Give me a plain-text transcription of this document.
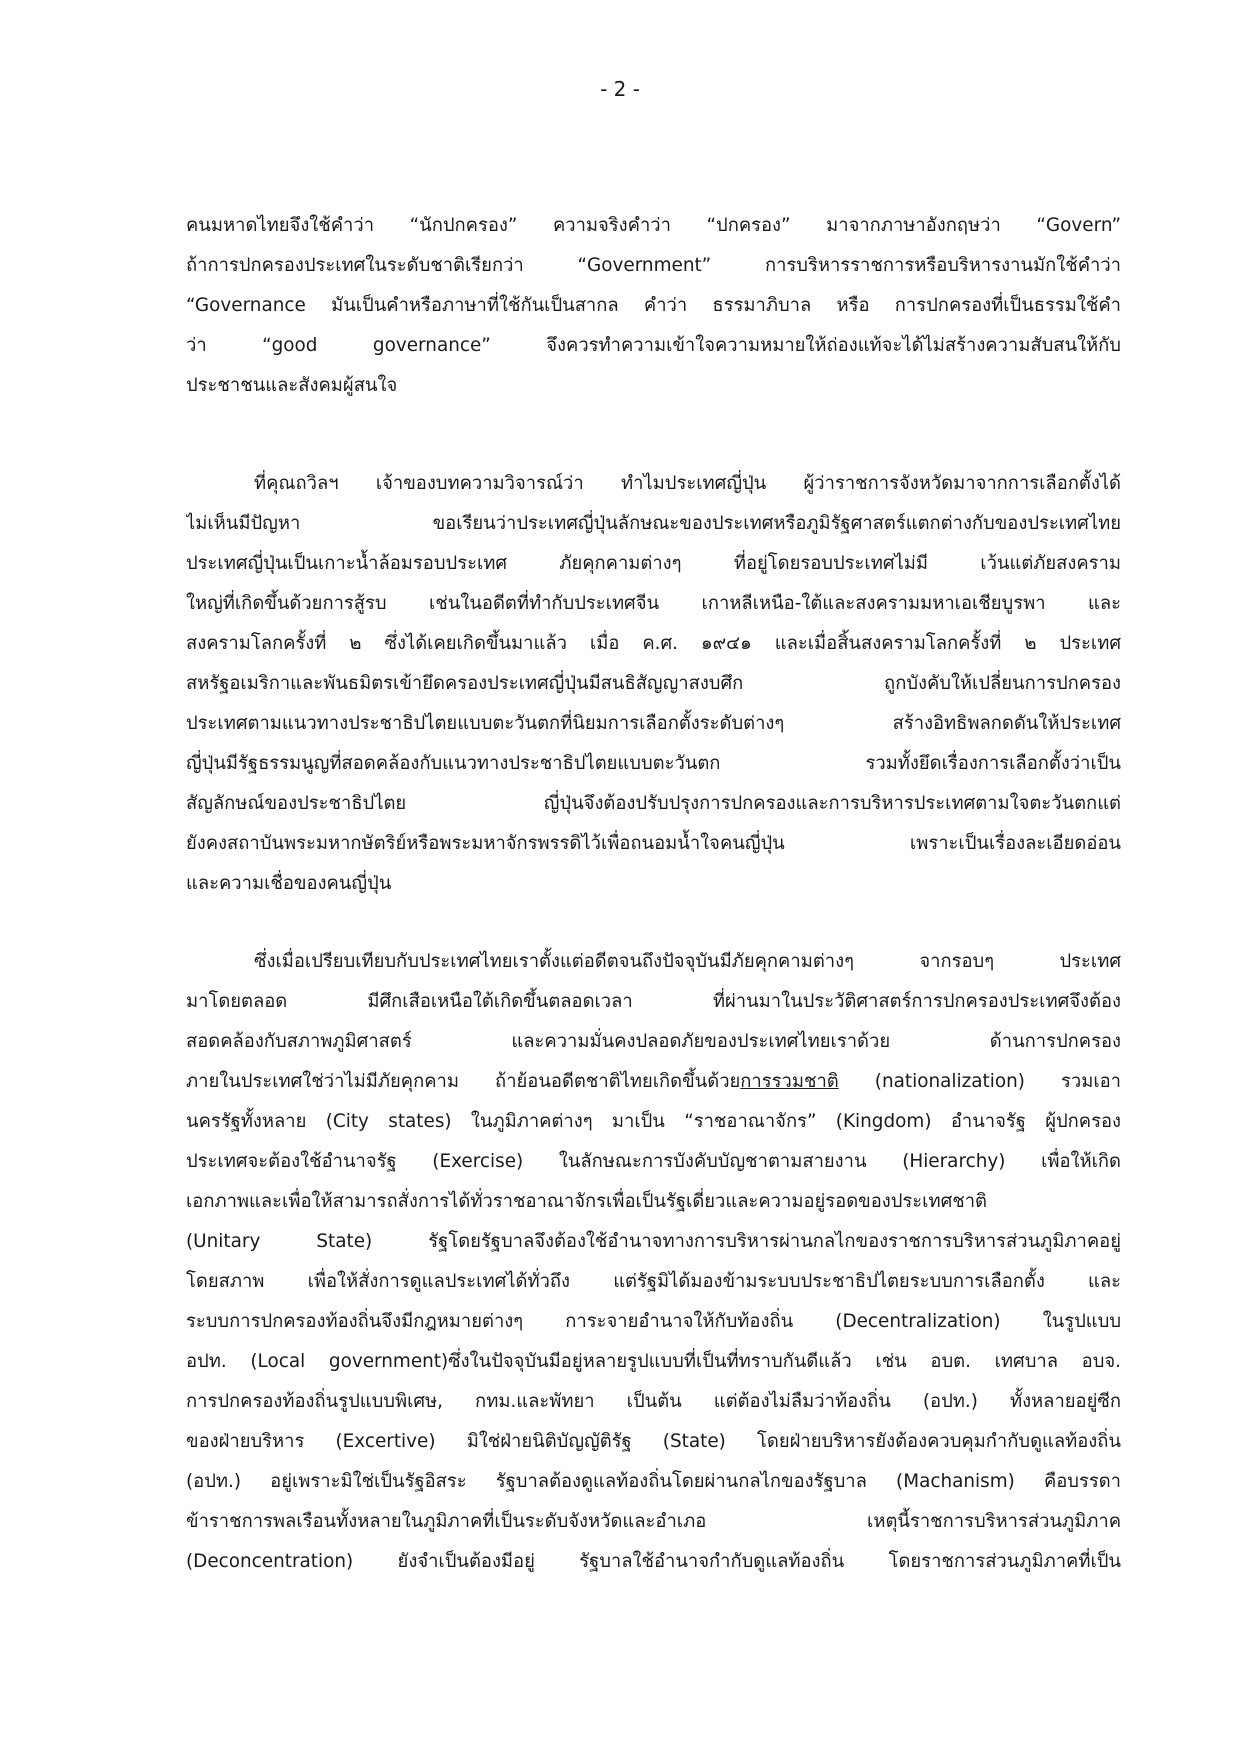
- 2 -
คนมหาดไทยจึงใช้คำว่า “นักปกครอง” ความจริงคำว่า “ปกครอง” มาจากภาษาอังกฤษว่า “Govern”
ถ้าการปกครองประเทศในระดับชาติเรียกว่า “Government” การบริหารราชการหรือบริหารงานมักใช้คำว่า
“Governance มันเป็นคำหรือภาษาที่ใช้กันเป็นสากล คำว่า ธรรมาภิบาล หรือ การปกครองที่เป็นธรรมใช้คำ
ว่า “good governance” จึงควรทำความเข้าใจความหมายให้ถ่องแท้จะได้ไม่สร้างความสับสนให้กับ
ประชาชนและสังคมผู้สนใจ
ที่คุณถวิลฯ เจ้าของบทความวิจารณ์ว่า ทำไมประเทศญี่ปุ่น ผู้ว่าราชการจังหวัดมาจากการเลือกตั้งได้
ไม่เห็นมีปัญหา ขอเรียนว่าประเทศญี่ปุ่นลักษณะของประเทศหรือภูมิรัฐศาสตร์แตกต่างกับของประเทศไทย
ประเทศญี่ปุ่นเป็นเกาะน้ำล้อมรอบประเทศ ภัยคุกคามต่างๆ ที่อยู่โดยรอบประเทศไม่มี เว้นแต่ภัยสงคราม
ใหญ่ที่เกิดขึ้นด้วยการสู้รบ เช่นในอดีตที่ทำกับประเทศจีน เกาหลีเหนือ-ใต้และสงครามมหาเอเชียบูรพา และ
สงครามโลกครั้งที่ ๒ ซึ่งได้เคยเกิดขึ้นมาแล้ว เมื่อ ค.ศ. ๑๙๔๑ และเมื่อสิ้นสงครามโลกครั้งที่ ๒ ประเทศ
สหรัฐอเมริกาและพันธมิตรเข้ายึดครองประเทศญี่ปุ่นมีสนธิสัญญาสงบศึก ถูกบังคับให้เปลี่ยนการปกครอง
ประเทศตามแนวทางประชาธิปไตยแบบตะวันตกที่นิยมการเลือกตั้งระดับต่างๆ สร้างอิทธิพลกดดันให้ประเทศ
ญี่ปุ่นมีรัฐธรรมนูญที่สอดคล้องกับแนวทางประชาธิปไตยแบบตะวันตก รวมทั้งยึดเรื่องการเลือกตั้งว่าเป็น
สัญลักษณ์ของประชาธิปไตย ญี่ปุ่นจึงต้องปรับปรุงการปกครองและการบริหารประเทศตามใจตะวันตกแต่
ยังคงสถาบันพระมหากษัตริย์หรือพระมหาจักรพรรดิไว้เพื่อถนอมน้ำใจคนญี่ปุ่น เพราะเป็นเรื่องละเอียดอ่อน
และความเชื่อของคนญี่ปุ่น
ซึ่งเมื่อเปรียบเทียบกับประเทศไทยเราตั้งแต่อดีตจนถึงปัจจุบันมีภัยคุกคามต่างๆ จากรอบๆ ประเทศ
มาโดยตลอด มีศึกเสือเหนือใต้เกิดขึ้นตลอดเวลา ที่ผ่านมาในประวัติศาสตร์การปกครองประเทศจึงต้อง
สอดคล้องกับสภาพภูมิศาสตร์ และความมั่นคงปลอดภัยของประเทศไทยเราด้วย ด้านการปกครอง
ภายในประเทศใช่ว่าไม่มีภัยคุกคาม ถ้าย้อนอดีตชาติไทยเกิดขึ้นด้วยการรวมชาติ (nationalization) รวมเอา
นครรัฐทั้งหลาย (City states) ในภูมิภาคต่างๆ มาเป็น “ราชอาณาจักร” (Kingdom) อำนาจรัฐ ผู้ปกครอง
ประเทศจะต้องใช้อำนาจรัฐ (Exercise) ในลักษณะการบังคับบัญชาตามสายงาน (Hierarchy) เพื่อให้เกิด
เอกภาพและเพื่อให้สามารถสั่งการได้ทั่วราชอาณาจักรเพื่อเป็นรัฐเดี่ยวและความอยู่รอดของประเทศชาติ
(Unitary State) รัฐโดยรัฐบาลจึงต้องใช้อำนาจทางการบริหารผ่านกลไกของราชการบริหารส่วนภูมิภาคอยู่
โดยสภาพ เพื่อให้สั่งการดูแลประเทศได้ทั่วถึง แต่รัฐมิได้มองข้ามระบบประชาธิปไตยระบบการเลือกตั้ง และ
ระบบการปกครองท้องถิ่นจึงมีกฎหมายต่างๆ การะจายอำนาจให้กับท้องถิ่น (Decentralization) ในรูปแบบ
อปท. (Local government)ซึ่งในปัจจุบันมีอยู่หลายรูปแบบที่เป็นที่ทราบกันดีแล้ว เช่น อบต. เทศบาล อบจ.
การปกครองท้องถิ่นรูปแบบพิเศษ, กทม.และพัทยา เป็นต้น แต่ต้องไม่ลืมว่าท้องถิ่น (อปท.) ทั้งหลายอยู่ซีก
ของฝ่ายบริหาร (Excertive) มิใช่ฝ่ายนิติบัญญัติรัฐ (State) โดยฝ่ายบริหารยังต้องควบคุมกำกับดูแลท้องถิ่น
(อปท.) อยู่เพราะมิใช่เป็นรัฐอิสระ รัฐบาลต้องดูแลท้องถิ่นโดยผ่านกลไกของรัฐบาล (Machanism) คือบรรดา
ข้าราชการพลเรือนทั้งหลายในภูมิภาคที่เป็นระดับจังหวัดและอำเภอ เหตุนี้ราชการบริหารส่วนภูมิภาค
(Deconcentration) ยังจำเป็นต้องมีอยู่ รัฐบาลใช้อำนาจกำกับดูแลท้องถิ่น โดยราชการส่วนภูมิภาคที่เป็น
